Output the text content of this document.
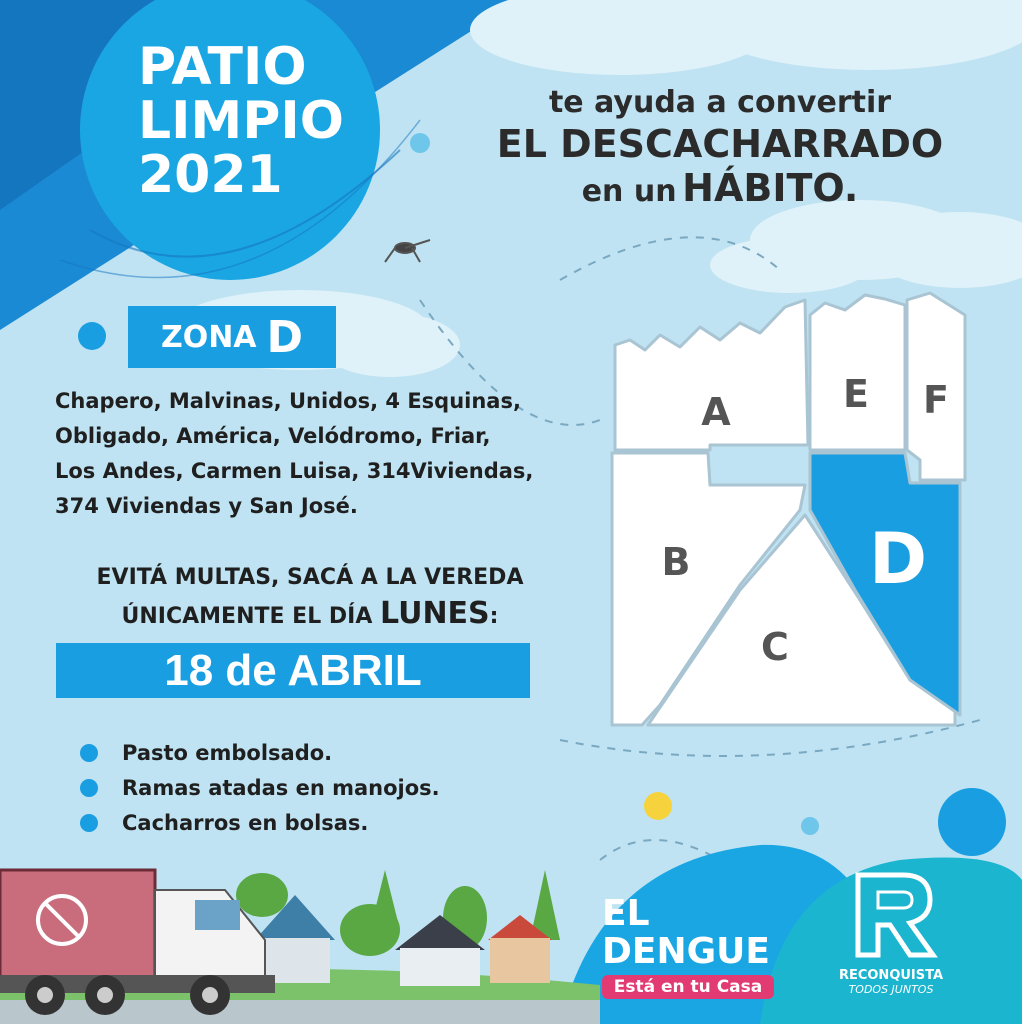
PATIO
LIMPIO
2021
te ayuda a convertir
EL DESCACHARRADO
en un HÁBITO.
ZONA D
Chapero, Malvinas, Unidos, 4 Esquinas,
Obligado, América, Velódromo, Friar,
Los Andes, Carmen Luisa, 314Viviendas,
374 Viviendas y San José.
EVITÁ MULTAS, SACÁ A LA VEREDA
ÚNICAMENTE EL DÍA LUNES:
18 de ABRIL
Pasto embolsado.
Ramas atadas en manojos.
Cacharros en bolsas.
A
B
C
D
E F
EL
DENGUE
Está en tu Casa
RECONQUISTA
TODOS JUNTOS
